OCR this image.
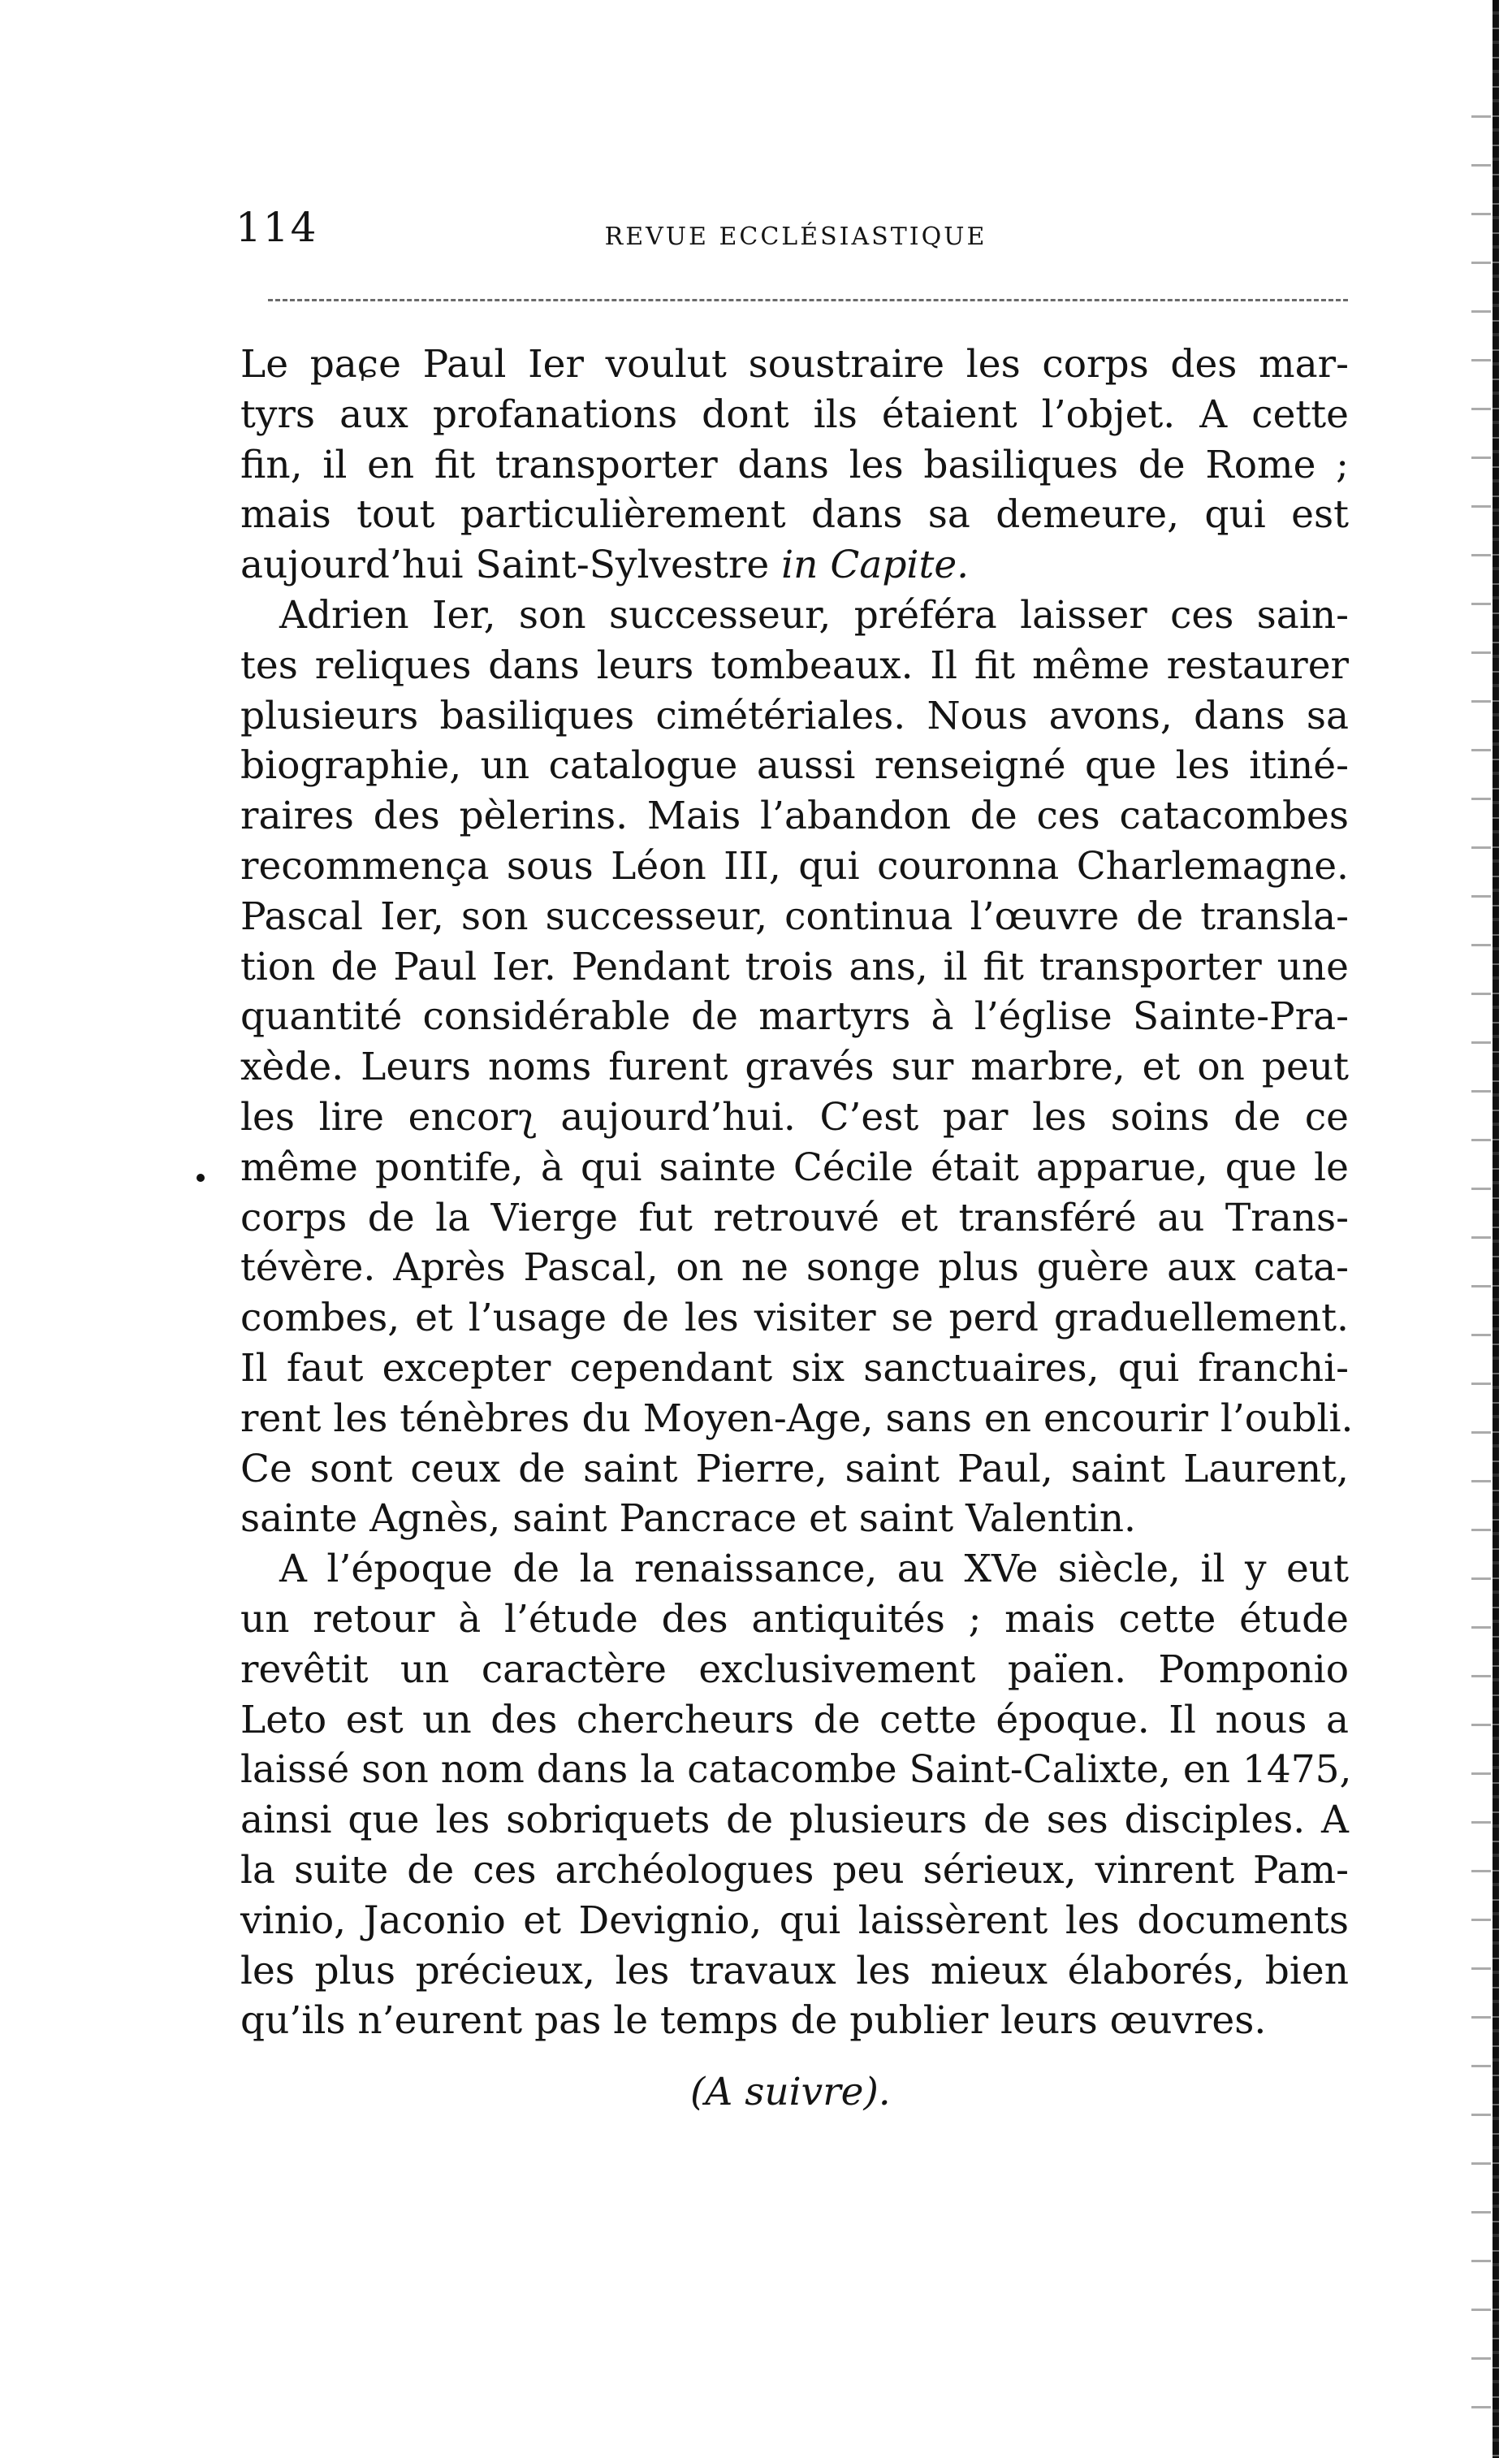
114	REVUE ECCLÉSIASTIQUE
Le paɕe Paul Ier voulut soustraire les corps des mar-
tyrs aux profanations dont ils étaient l’objet. A cette
fin, il en fit transporter dans les basiliques de Rome ;
mais tout particulièrement dans sa demeure, qui est
aujourd’hui Saint-Sylvestre in Capite.
Adrien Ier, son successeur, préféra laisser ces sain-
tes reliques dans leurs tombeaux. Il fit même restaurer
plusieurs basiliques cimétériales. Nous avons, dans sa
biographie, un catalogue aussi renseigné que les itiné-
raires des pèlerins. Mais l’abandon de ces catacombes
recommença sous Léon III, qui couronna Charlemagne.
Pascal Ier, son successeur, continua l’œuvre de transla-
tion de Paul Ier. Pendant trois ans, il fit transporter une
quantité considérable de martyrs à l’église Sainte-Pra-
xède. Leurs noms furent gravés sur marbre, et on peut
les lire encorʅ aujourd’hui. C’est par les soins de ce
même pontife, à qui sainte Cécile était apparue, que le
corps de la Vierge fut retrouvé et transféré au Trans-
tévère. Après Pascal, on ne songe plus guère aux cata-
combes, et l’usage de les visiter se perd graduellement.
Il faut excepter cependant six sanctuaires, qui franchi-
rent les ténèbres du Moyen-Age, sans en encourir l’oubli.
Ce sont ceux de saint Pierre, saint Paul, saint Laurent,
sainte Agnès, saint Pancrace et saint Valentin.
A l’époque de la renaissance, au XVe siècle, il y eut
un retour à l’étude des antiquités ; mais cette étude
revêtit un caractère exclusivement païen. Pomponio
Leto est un des chercheurs de cette époque. Il nous a
laissé son nom dans la catacombe Saint-Calixte, en 1475,
ainsi que les sobriquets de plusieurs de ses disciples. A
la suite de ces archéologues peu sérieux, vinrent Pam-
vinio, Jaconio et Devignio, qui laissèrent les documents
les plus précieux, les travaux les mieux élaborés, bien
qu’ils n’eurent pas le temps de publier leurs œuvres.
(A suivre).
